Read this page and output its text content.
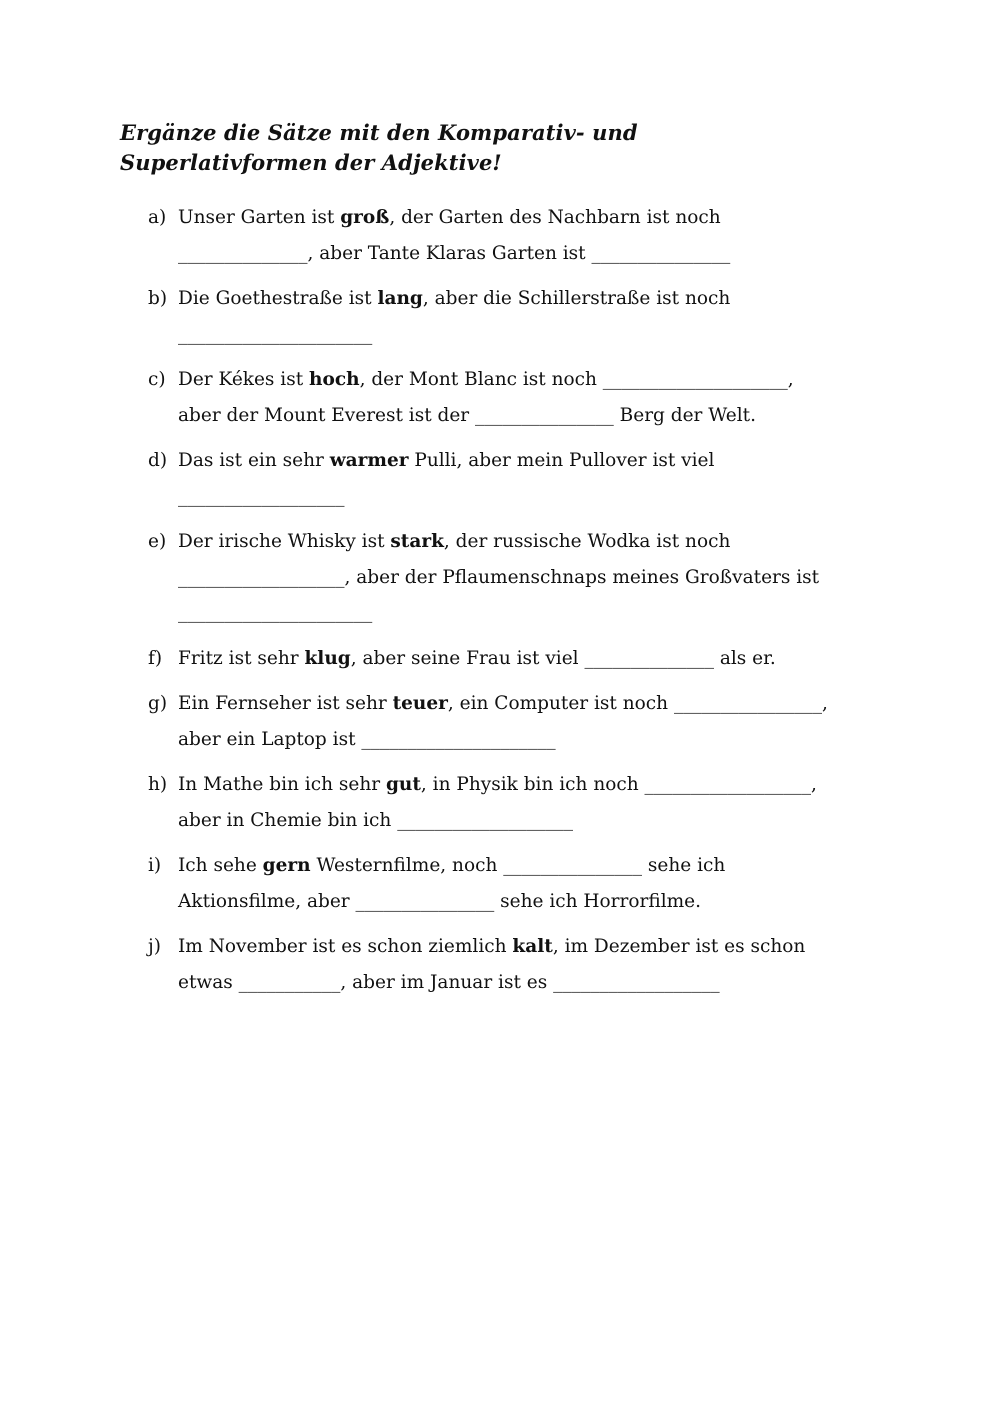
Ergänze die Sätze mit den Komparativ- und
Superlativformen der Adjektive!
a) Unser Garten ist groß, der Garten des Nachbarn ist noch
______________, aber Tante Klaras Garten ist _______________
b) Die Goethestraße ist lang, aber die Schillerstraße ist noch
_____________________
c) Der Kékes ist hoch, der Mont Blanc ist noch ____________________,
aber der Mount Everest ist der _______________ Berg der Welt.
d) Das ist ein sehr warmer Pulli, aber mein Pullover ist viel
__________________
e) Der irische Whisky ist stark, der russische Wodka ist noch
__________________, aber der Pflaumenschnaps meines Großvaters ist
_____________________
f) Fritz ist sehr klug, aber seine Frau ist viel ______________ als er.
g) Ein Fernseher ist sehr teuer, ein Computer ist noch ________________,
aber ein Laptop ist _____________________
h) In Mathe bin ich sehr gut, in Physik bin ich noch __________________,
aber in Chemie bin ich ___________________
i) Ich sehe gern Westernfilme, noch _______________ sehe ich
Aktionsfilme, aber _______________ sehe ich Horrorfilme.
j) Im November ist es schon ziemlich kalt, im Dezember ist es schon
etwas ___________, aber im Januar ist es __________________
